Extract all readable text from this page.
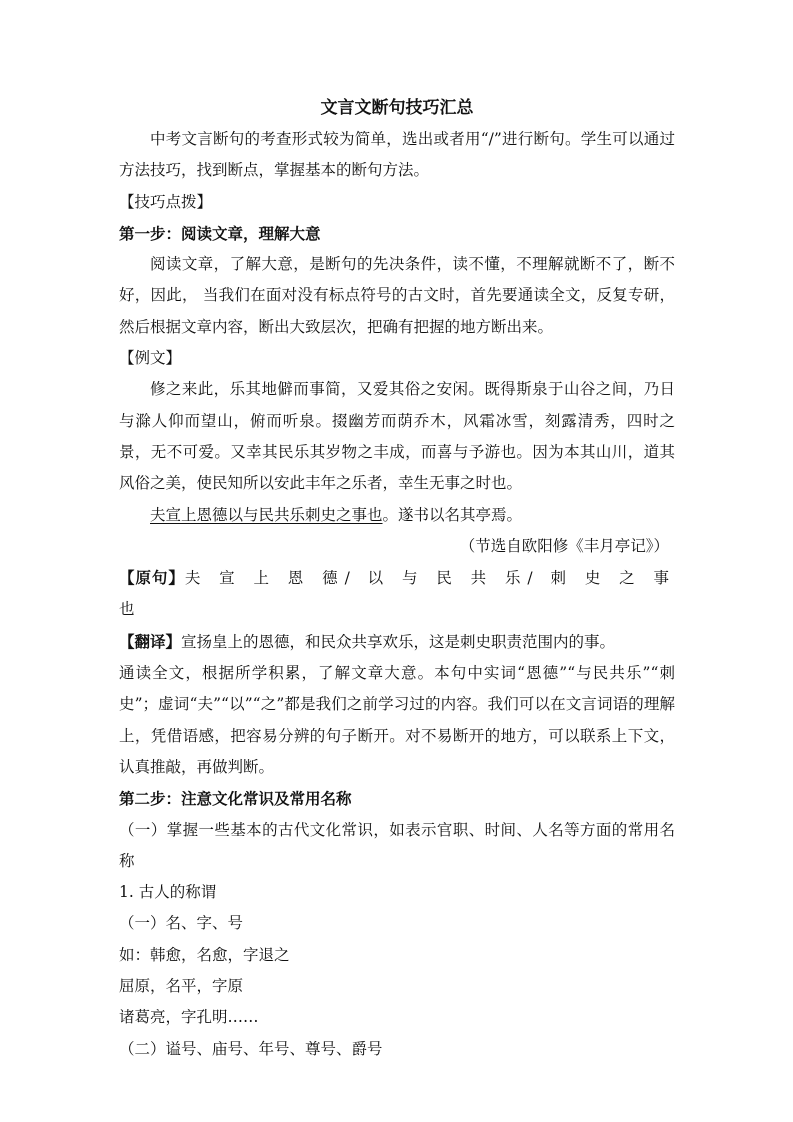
文言文断句技巧汇总

中考文言断句的考查形式较为简单，选出或者用“/”进行断句。学生可以通过方法技巧，找到断点，掌握基本的断句方法。

【技巧点拨】

第一步：阅读文章，理解大意

阅读文章，了解大意，是断句的先决条件，读不懂，不理解就断不了，断不好，因此， 当我们在面对没有标点符号的古文时，首先要通读全文，反复专研，然后根据文章内容，断出大致层次，把确有把握的地方断出来。

【例文】

修之来此，乐其地僻而事简，又爱其俗之安闲。既得斯泉于山谷之间，乃日与滁人仰而望山，俯而听泉。掇幽芳而荫乔木，风霜冰雪，刻露清秀，四时之景，无不可爱。又幸其民乐其岁物之丰成，而喜与予游也。因为本其山川，道其风俗之美，使民知所以安此丰年之乐者，幸生无事之时也。

夫宣上恩德以与民共乐刺史之事也。遂书以名其亭焉。

（节选自欧阳修《丰月亭记》）

【原句】夫 宣 上 恩 德/ 以 与 民 共 乐/ 刺 史 之 事 也

【翻译】宣扬皇上的恩德，和民众共享欢乐，这是刺史职责范围内的事。

通读全文，根据所学积累，了解文章大意。本句中实词“恩德”“与民共乐”“刺史”；虚词“夫”“以”“之”都是我们之前学习过的内容。我们可以在文言词语的理解上，凭借语感，把容易分辨的句子断开。对不易断开的地方，可以联系上下文，认真推敲，再做判断。

第二步：注意文化常识及常用名称

（一）掌握一些基本的古代文化常识，如表示官职、时间、人名等方面的常用名称

1. 古人的称谓

（一）名、字、号

如：韩愈，名愈，字退之

屈原，名平，字原

诸葛亮，字孔明……

（二）谥号、庙号、年号、尊号、爵号
